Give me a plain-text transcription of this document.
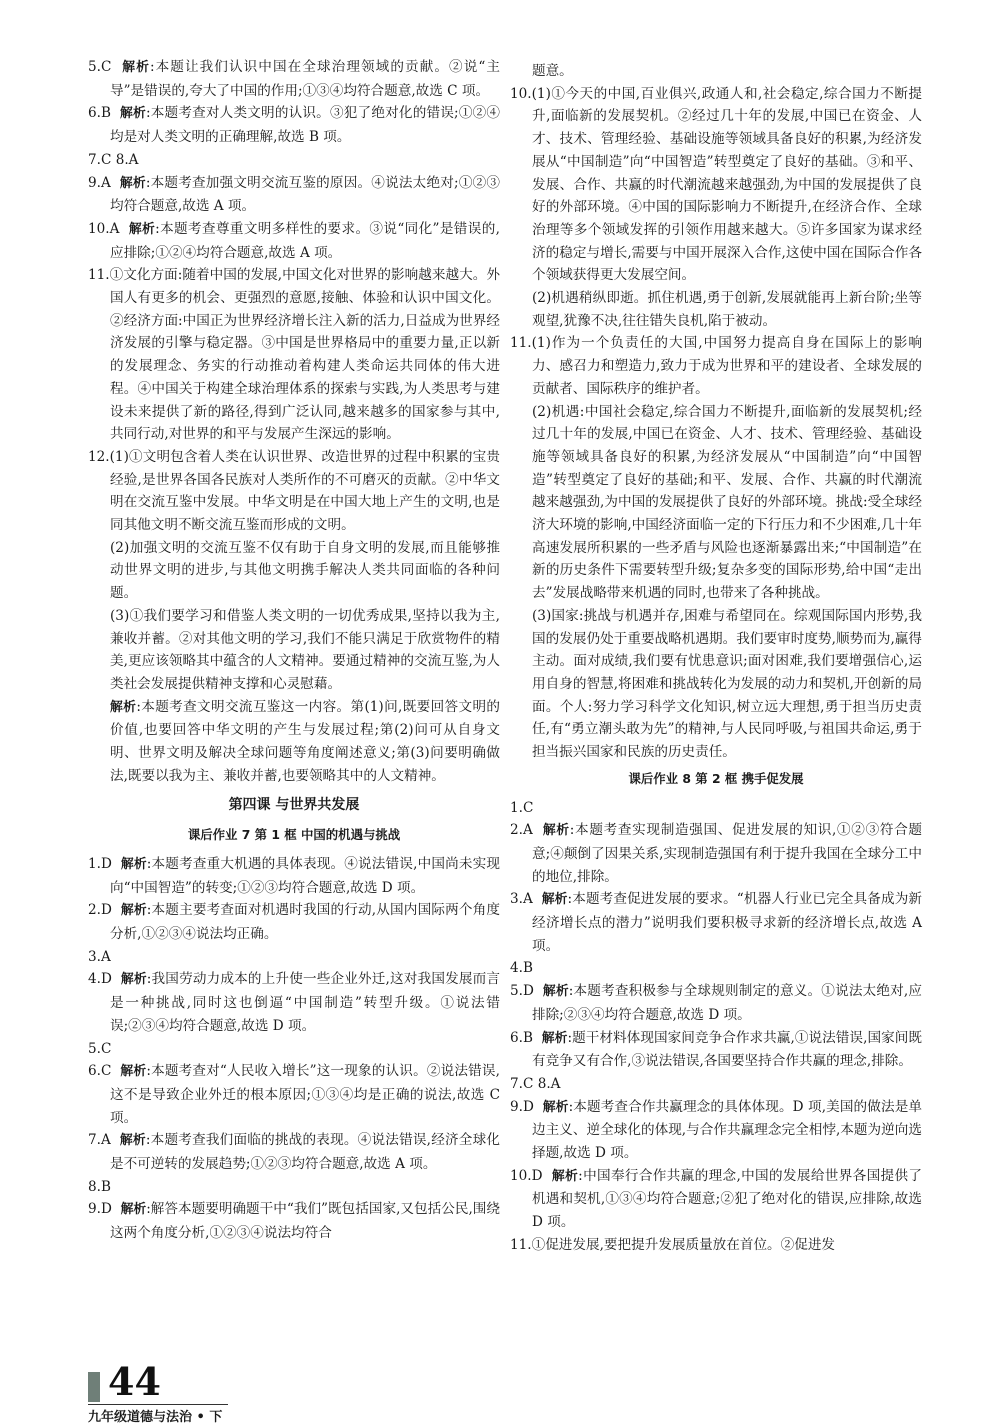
5.C 解析:本题让我们认识中国在全球治理领域的贡献。②说“主导”是错误的,夸大了中国的作用;①③④均符合题意,故选 C 项。

6.B 解析:本题考查对人类文明的认识。③犯了绝对化的错误;①②④均是对人类文明的正确理解,故选 B 项。

7.C 8.A

9.A 解析:本题考查加强文明交流互鉴的原因。④说法太绝对;①②③均符合题意,故选 A 项。

10.A 解析:本题考查尊重文明多样性的要求。③说“同化”是错误的,应排除;①②④均符合题意,故选 A 项。

11.①文化方面:随着中国的发展,中国文化对世界的影响越来越大。外国人有更多的机会、更强烈的意愿,接触、体验和认识中国文化。②经济方面:中国正为世界经济增长注入新的活力,日益成为世界经济发展的引擎与稳定器。③中国是世界格局中的重要力量,正以新的发展理念、务实的行动推动着构建人类命运共同体的伟大进程。④中国关于构建全球治理体系的探索与实践,为人类思考与建设未来提供了新的路径,得到广泛认同,越来越多的国家参与其中,共同行动,对世界的和平与发展产生深远的影响。

12.(1)①文明包含着人类在认识世界、改造世界的过程中积累的宝贵经验,是世界各国各民族对人类所作的不可磨灭的贡献。②中华文明在交流互鉴中发展。中华文明是在中国大地上产生的文明,也是同其他文明不断交流互鉴而形成的文明。

(2)加强文明的交流互鉴不仅有助于自身文明的发展,而且能够推动世界文明的进步,与其他文明携手解决人类共同面临的各种问题。

(3)①我们要学习和借鉴人类文明的一切优秀成果,坚持以我为主,兼收并蓄。②对其他文明的学习,我们不能只满足于欣赏物件的精美,更应该领略其中蕴含的人文精神。要通过精神的交流互鉴,为人类社会发展提供精神支撑和心灵慰藉。

解析:本题考查文明交流互鉴这一内容。第(1)问,既要回答文明的价值,也要回答中华文明的产生与发展过程;第(2)问可从自身文明、世界文明及解决全球问题等角度阐述意义;第(3)问要明确做法,既要以我为主、兼收并蓄,也要领略其中的人文精神。

第四课 与世界共发展
课后作业 7 第 1 框 中国的机遇与挑战

1.D 解析:本题考查重大机遇的具体表现。④说法错误,中国尚未实现向“中国智造”的转变;①②③均符合题意,故选 D 项。

2.D 解析:本题主要考查面对机遇时我国的行动,从国内国际两个角度分析,①②③④说法均正确。

3.A

4.D 解析:我国劳动力成本的上升使一些企业外迁,这对我国发展而言是一种挑战,同时这也倒逼“中国制造”转型升级。①说法错误;②③④均符合题意,故选 D 项。

5.C

6.C 解析:本题考查对“人民收入增长”这一现象的认识。②说法错误,这不是导致企业外迁的根本原因;①③④均是正确的说法,故选 C 项。

7.A 解析:本题考查我们面临的挑战的表现。④说法错误,经济全球化是不可逆转的发展趋势;①②③均符合题意,故选 A 项。

8.B

9.D 解析:解答本题要明确题干中“我们”既包括国家,又包括公民,围绕这两个角度分析,①②③④说法均符合

题意。

10.(1)①今天的中国,百业俱兴,政通人和,社会稳定,综合国力不断提升,面临新的发展契机。②经过几十年的发展,中国已在资金、人才、技术、管理经验、基础设施等领域具备良好的积累,为经济发展从“中国制造”向“中国智造”转型奠定了良好的基础。③和平、发展、合作、共赢的时代潮流越来越强劲,为中国的发展提供了良好的外部环境。④中国的国际影响力不断提升,在经济合作、全球治理等多个领域发挥的引领作用越来越大。⑤许多国家为谋求经济的稳定与增长,需要与中国开展深入合作,这使中国在国际合作各个领域获得更大发展空间。

(2)机遇稍纵即逝。抓住机遇,勇于创新,发展就能再上新台阶;坐等观望,犹豫不决,往往错失良机,陷于被动。

11.(1)作为一个负责任的大国,中国努力提高自身在国际上的影响力、感召力和塑造力,致力于成为世界和平的建设者、全球发展的贡献者、国际秩序的维护者。

(2)机遇:中国社会稳定,综合国力不断提升,面临新的发展契机;经过几十年的发展,中国已在资金、人才、技术、管理经验、基础设施等领域具备良好的积累,为经济发展从“中国制造”向“中国智造”转型奠定了良好的基础;和平、发展、合作、共赢的时代潮流越来越强劲,为中国的发展提供了良好的外部环境。挑战:受全球经济大环境的影响,中国经济面临一定的下行压力和不少困难,几十年高速发展所积累的一些矛盾与风险也逐渐暴露出来;“中国制造”在新的历史条件下需要转型升级;复杂多变的国际形势,给中国“走出去”发展战略带来机遇的同时,也带来了各种挑战。

(3)国家:挑战与机遇并存,困难与希望同在。综观国际国内形势,我国的发展仍处于重要战略机遇期。我们要审时度势,顺势而为,赢得主动。面对成绩,我们要有忧患意识;面对困难,我们要增强信心,运用自身的智慧,将困难和挑战转化为发展的动力和契机,开创新的局面。个人:努力学习科学文化知识,树立远大理想,勇于担当历史责任,有“勇立潮头敢为先”的精神,与人民同呼吸,与祖国共命运,勇于担当振兴国家和民族的历史责任。

课后作业 8 第 2 框 携手促发展

1.C

2.A 解析:本题考查实现制造强国、促进发展的知识,①②③符合题意;④颠倒了因果关系,实现制造强国有利于提升我国在全球分工中的地位,排除。

3.A 解析:本题考查促进发展的要求。“机器人行业已完全具备成为新经济增长点的潜力”说明我们要积极寻求新的经济增长点,故选 A 项。

4.B

5.D 解析:本题考查积极参与全球规则制定的意义。①说法太绝对,应排除;②③④均符合题意,故选 D 项。

6.B 解析:题干材料体现国家间竞争合作求共赢,①说法错误,国家间既有竞争又有合作,③说法错误,各国要坚持合作共赢的理念,排除。

7.C 8.A

9.D 解析:本题考查合作共赢理念的具体体现。D 项,美国的做法是单边主义、逆全球化的体现,与合作共赢理念完全相悖,本题为逆向选择题,故选 D 项。

10.D 解析:中国奉行合作共赢的理念,中国的发展给世界各国提供了机遇和契机,①③④均符合题意;②犯了绝对化的错误,应排除,故选 D 项。

11.①促进发展,要把提升发展质量放在首位。②促进发

44
九年级道德与法治 • 下
